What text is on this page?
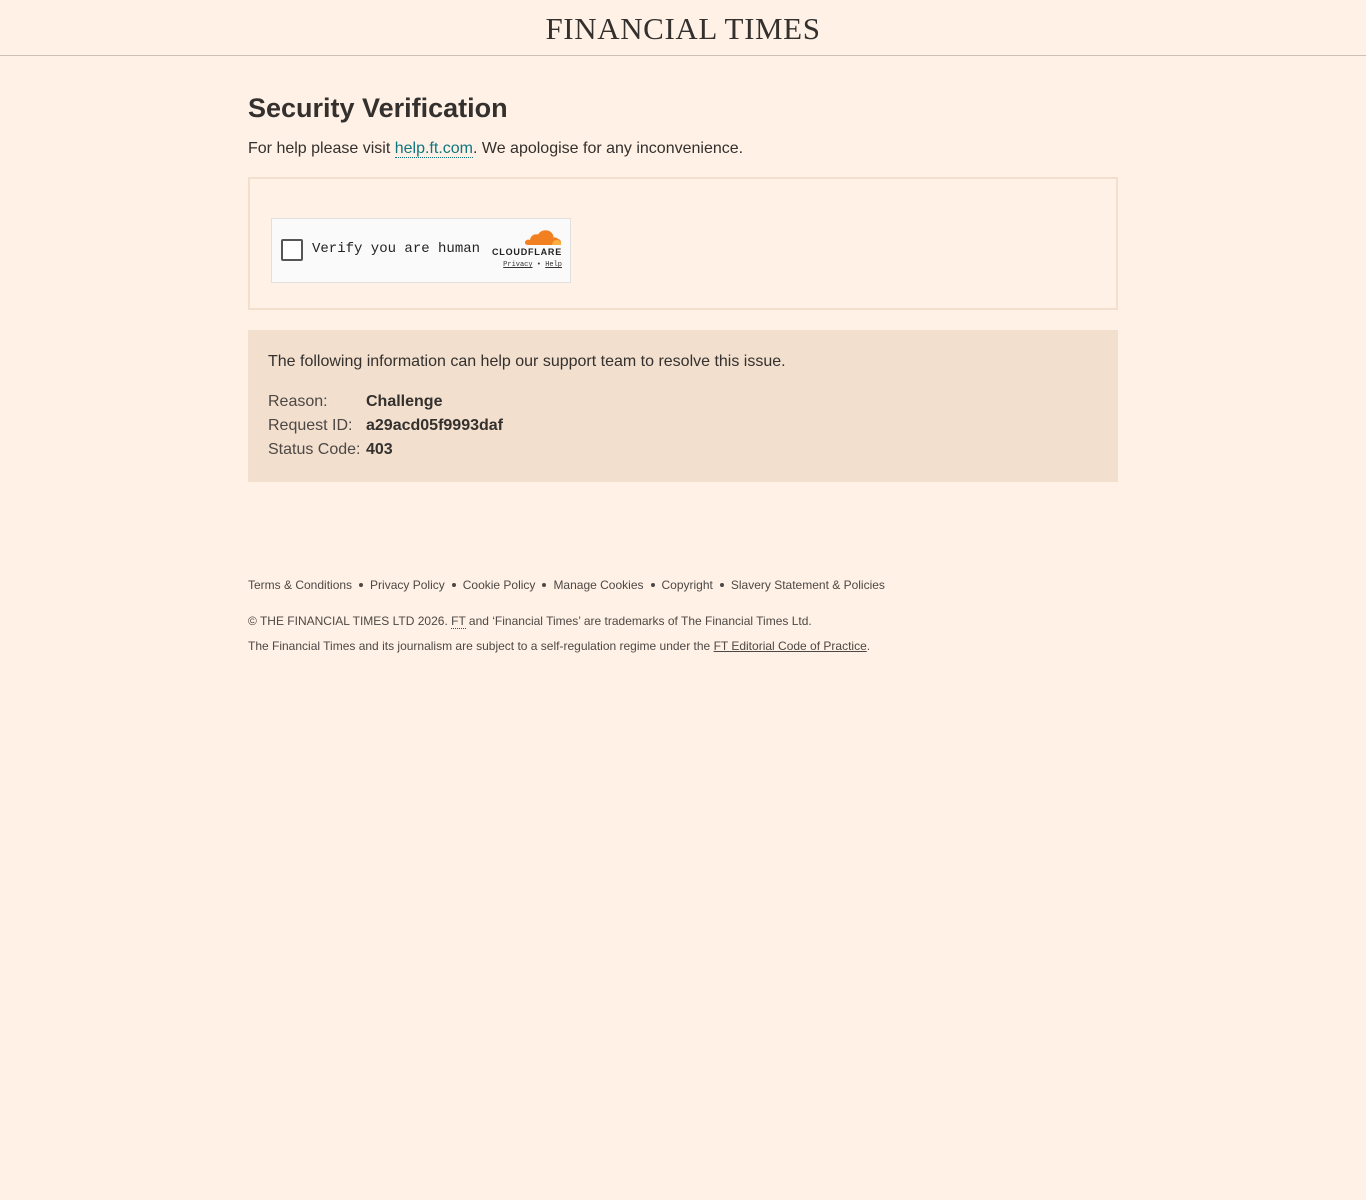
FINANCIAL TIMES
Security Verification

For help please visit help.ft.com. We apologise for any inconvenience.

Verify you are human	CLOUDFLARE
Privacy • Help

The following information can help our support team to resolve this issue.

Reason:	Challenge
Request ID: a29acd05f9993daf
Status Code: 403
Terms & Conditions Privacy Policy Cookie Policy Manage Cookies Copyright Slavery Statement & Policies
© THE FINANCIAL TIMES LTD 2026. FT and ‘Financial Times’ are trademarks of The Financial Times Ltd.
The Financial Times and its journalism are subject to a self-regulation regime under the FT Editorial Code of Practice.
